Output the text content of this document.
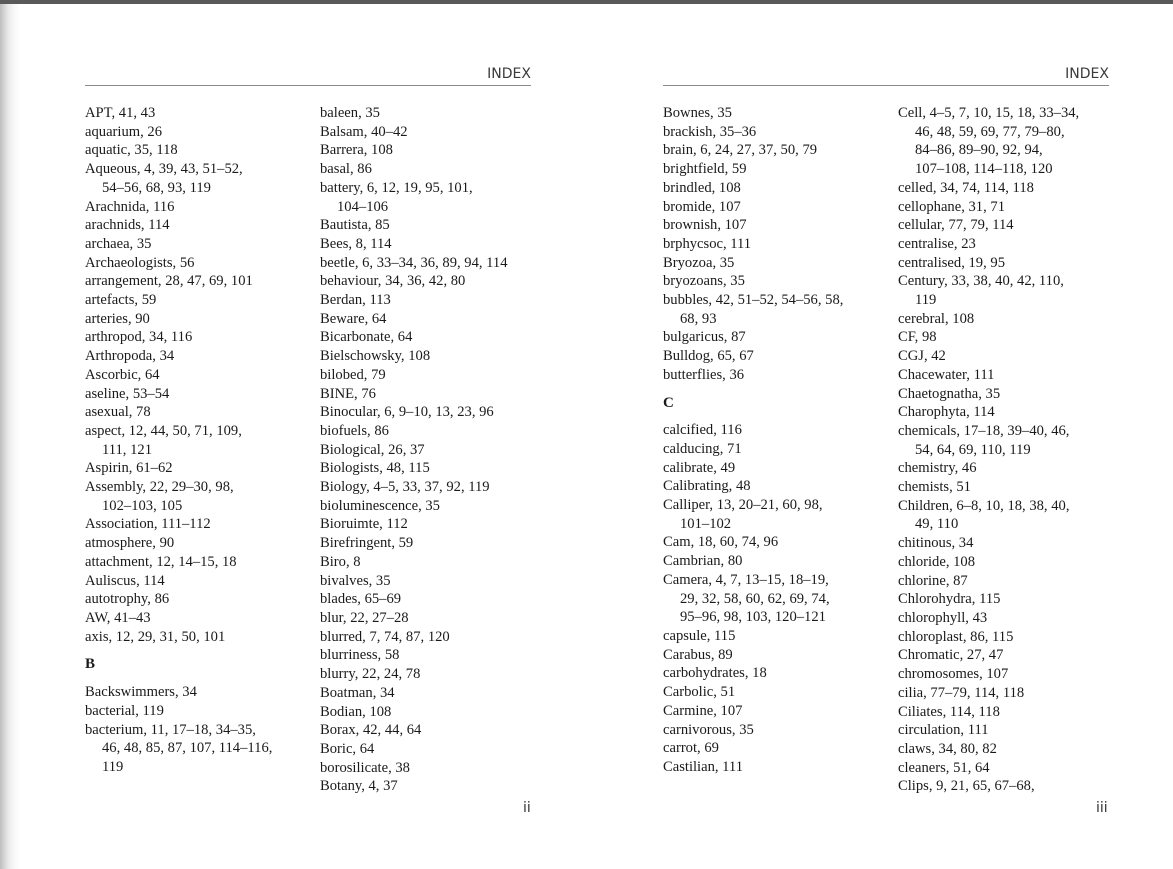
INDEX
APT, 41, 43
aquarium, 26
aquatic, 35, 118
Aqueous, 4, 39, 43, 51–52,
54–56, 68, 93, 119
Arachnida, 116
arachnids, 114
archaea, 35
Archaeologists, 56
arrangement, 28, 47, 69, 101
artefacts, 59
arteries, 90
arthropod, 34, 116
Arthropoda, 34
Ascorbic, 64
aseline, 53–54
asexual, 78
aspect, 12, 44, 50, 71, 109,
111, 121
Aspirin, 61–62
Assembly, 22, 29–30, 98,
102–103, 105
Association, 111–112
atmosphere, 90
attachment, 12, 14–15, 18
Auliscus, 114
autotrophy, 86
AW, 41–43
axis, 12, 29, 31, 50, 101
B
Backswimmers, 34
bacterial, 119
bacterium, 11, 17–18, 34–35,
46, 48, 85, 87, 107, 114–116,
119
baleen, 35
Balsam, 40–42
Barrera, 108
basal, 86
battery, 6, 12, 19, 95, 101,
104–106
Bautista, 85
Bees, 8, 114
beetle, 6, 33–34, 36, 89, 94, 114
behaviour, 34, 36, 42, 80
Berdan, 113
Beware, 64
Bicarbonate, 64
Bielschowsky, 108
bilobed, 79
BINE, 76
Binocular, 6, 9–10, 13, 23, 96
biofuels, 86
Biological, 26, 37
Biologists, 48, 115
Biology, 4–5, 33, 37, 92, 119
bioluminescence, 35
Bioruimte, 112
Birefringent, 59
Biro, 8
bivalves, 35
blades, 65–69
blur, 22, 27–28
blurred, 7, 74, 87, 120
blurriness, 58
blurry, 22, 24, 78
Boatman, 34
Bodian, 108
Borax, 42, 44, 64
Boric, 64
borosilicate, 38
Botany, 4, 37
ii
INDEX
Bownes, 35
brackish, 35–36
brain, 6, 24, 27, 37, 50, 79
brightfield, 59
brindled, 108
bromide, 107
brownish, 107
brphycsoc, 111
Bryozoa, 35
bryozoans, 35
bubbles, 42, 51–52, 54–56, 58,
68, 93
bulgaricus, 87
Bulldog, 65, 67
butterflies, 36
C
calcified, 116
calducing, 71
calibrate, 49
Calibrating, 48
Calliper, 13, 20–21, 60, 98,
101–102
Cam, 18, 60, 74, 96
Cambrian, 80
Camera, 4, 7, 13–15, 18–19,
29, 32, 58, 60, 62, 69, 74,
95–96, 98, 103, 120–121
capsule, 115
Carabus, 89
carbohydrates, 18
Carbolic, 51
Carmine, 107
carnivorous, 35
carrot, 69
Castilian, 111
Cell, 4–5, 7, 10, 15, 18, 33–34,
46, 48, 59, 69, 77, 79–80,
84–86, 89–90, 92, 94,
107–108, 114–118, 120
celled, 34, 74, 114, 118
cellophane, 31, 71
cellular, 77, 79, 114
centralise, 23
centralised, 19, 95
Century, 33, 38, 40, 42, 110,
119
cerebral, 108
CF, 98
CGJ, 42
Chacewater, 111
Chaetognatha, 35
Charophyta, 114
chemicals, 17–18, 39–40, 46,
54, 64, 69, 110, 119
chemistry, 46
chemists, 51
Children, 6–8, 10, 18, 38, 40,
49, 110
chitinous, 34
chloride, 108
chlorine, 87
Chlorohydra, 115
chlorophyll, 43
chloroplast, 86, 115
Chromatic, 27, 47
chromosomes, 107
cilia, 77–79, 114, 118
Ciliates, 114, 118
circulation, 111
claws, 34, 80, 82
cleaners, 51, 64
Clips, 9, 21, 65, 67–68,
iii
